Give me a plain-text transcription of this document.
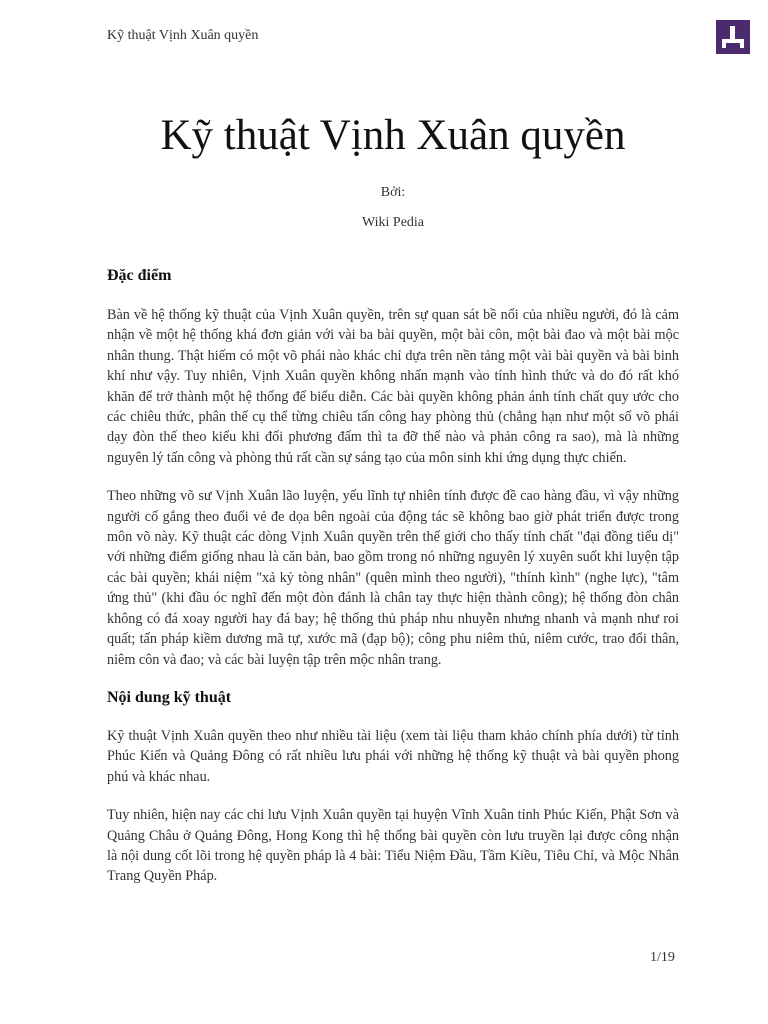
Kỹ thuật Vịnh Xuân quyền
Kỹ thuật Vịnh Xuân quyền
Bởi:
Wiki Pedia
Đặc điểm

Bàn về hệ thống kỹ thuật của Vịnh Xuân quyền, trên sự quan sát bề nổi của nhiều người, đó là cảm nhận về một hệ thống khá đơn giản với vài ba bài quyền, một bài côn, một bài đao và một bài mộc nhân thung. Thật hiếm có một võ phái nào khác chỉ dựa trên nền tảng một vài bài quyền và bài binh khí như vậy. Tuy nhiên, Vịnh Xuân quyền không nhấn mạnh vào tính hình thức và do đó rất khó khăn để trở thành một hệ thống để biểu diễn. Các bài quyền không phản ánh tính chất quy ước cho các chiêu thức, phân thế cụ thể từng chiêu tấn công hay phòng thủ (chẳng hạn như một số võ phái dạy đòn thế theo kiểu khi đối phương đấm thì ta đỡ thế nào và phản công ra sao), mà là những nguyên lý tấn công và phòng thủ rất cần sự sáng tạo của môn sinh khi ứng dụng thực chiến.

Theo những võ sư Vịnh Xuân lão luyện, yếu lĩnh tự nhiên tính được đề cao hàng đầu, vì vậy những người cố gắng theo đuổi vẻ đe dọa bên ngoài của động tác sẽ không bao giờ phát triển được trong môn võ này. Kỹ thuật các dòng Vịnh Xuân quyền trên thế giới cho thấy tính chất "đại đồng tiểu dị" với những điểm giống nhau là căn bản, bao gồm trong nó những nguyên lý xuyên suốt khi luyện tập các bài quyền; khái niệm "xả kỷ tòng nhân" (quên mình theo người), "thính kình" (nghe lực), "tâm ứng thủ" (khi đầu óc nghĩ đến một đòn đánh là chân tay thực hiện thành công); hệ thống đòn chân không có đá xoay người hay đá bay; hệ thống thủ pháp nhu nhuyễn nhưng nhanh và mạnh như roi quất; tấn pháp kiềm dương mã tự, xước mã (đạp bộ); công phu niêm thủ, niêm cước, trao đổi thân, niêm côn và đao; và các bài luyện tập trên mộc nhân trang.

Nội dung kỹ thuật

Kỹ thuật Vịnh Xuân quyền theo như nhiều tài liệu (xem tài liệu tham khảo chính phía dưới) từ tỉnh Phúc Kiến và Quảng Đông có rất nhiều lưu phái với những hệ thống kỹ thuật và bài quyền phong phú và khác nhau.

Tuy nhiên, hiện nay các chi lưu Vịnh Xuân quyền tại huyện Vĩnh Xuân tỉnh Phúc Kiến, Phật Sơn và Quảng Châu ở Quảng Đông, Hong Kong thì hệ thống bài quyền còn lưu truyền lại được công nhận là nội dung cốt lõi trong hệ quyền pháp là 4 bài: Tiểu Niệm Đầu, Tầm Kiều, Tiêu Chỉ, và Mộc Nhân Trang Quyền Pháp.

1/19
